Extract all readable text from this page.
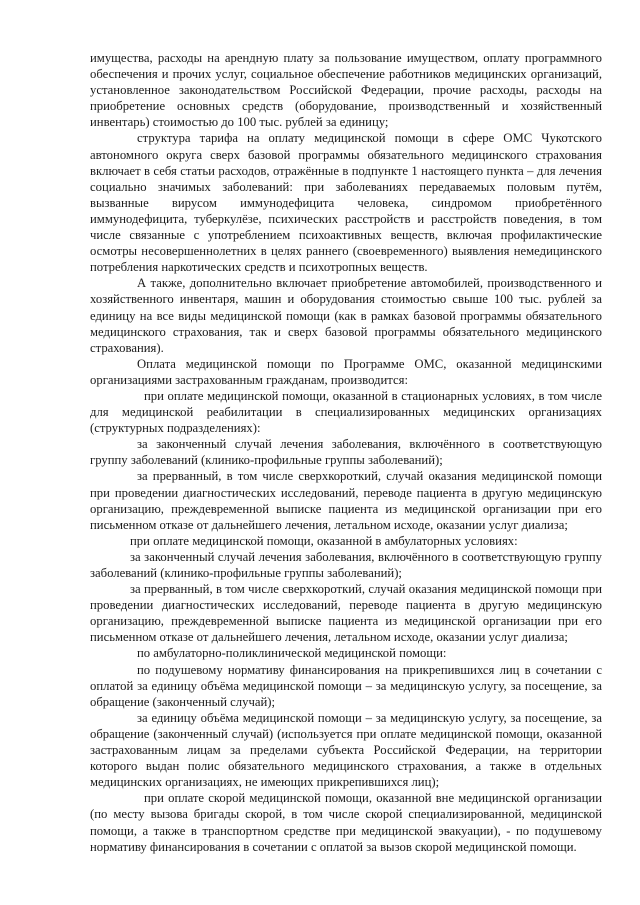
имущества, расходы на арендную плату за пользование имуществом, оплату программного обеспечения и прочих услуг, социальное обеспечение работников медицинских организаций, установленное законодательством Российской Федерации, прочие расходы, расходы на приобретение основных средств (оборудование, производственный и хозяйственный инвентарь) стоимостью до 100 тыс. рублей за единицу;

структура тарифа на оплату медицинской помощи в сфере ОМС Чукотского автономного округа сверх базовой программы обязательного медицинского страхования включает в себя статьи расходов, отражённые в подпункте 1 настоящего пункта – для лечения социально значимых заболеваний: при заболеваниях передаваемых половым путём, вызванные вирусом иммунодефицита человека, синдромом приобретённого иммунодефицита, туберкулёзе, психических расстройств и расстройств поведения, в том числе связанные с употреблением психоактивных веществ, включая профилактические осмотры несовершеннолетних в целях раннего (своевременного) выявления немедицинского потребления наркотических средств и психотропных веществ.

А также, дополнительно включает приобретение автомобилей, производственного и хозяйственного инвентаря, машин и оборудования стоимостью свыше 100 тыс. рублей за единицу на все виды медицинской помощи (как в рамках базовой программы обязательного медицинского страхования, так и сверх базовой программы обязательного медицинского страхования).

Оплата медицинской помощи по Программе ОМС, оказанной медицинскими организациями застрахованным гражданам, производится:

при оплате медицинской помощи, оказанной в стационарных условиях, в том числе для медицинской реабилитации в специализированных медицинских организациях (структурных подразделениях):

за законченный случай лечения заболевания, включённого в соответствующую группу заболеваний (клинико-профильные группы заболеваний);

за прерванный, в том числе сверхкороткий, случай оказания медицинской помощи при проведении диагностических исследований, переводе пациента в другую медицинскую организацию, преждевременной выписке пациента из медицинской организации при его письменном отказе от дальнейшего лечения, летальном исходе, оказании услуг диализа;

при оплате медицинской помощи, оказанной в амбулаторных условиях:

за законченный случай лечения заболевания, включённого в соответствующую группу заболеваний (клинико-профильные группы заболеваний);

за прерванный, в том числе сверхкороткий, случай оказания медицинской помощи при проведении диагностических исследований, переводе пациента в другую медицинскую организацию, преждевременной выписке пациента из медицинской организации при его письменном отказе от дальнейшего лечения, летальном исходе, оказании услуг диализа;

по амбулаторно-поликлинической медицинской помощи:

по подушевому нормативу финансирования на прикрепившихся лиц в сочетании с оплатой за единицу объёма медицинской помощи – за медицинскую услугу, за посещение, за обращение (законченный случай);

за единицу объёма медицинской помощи – за медицинскую услугу, за посещение, за обращение (законченный случай) (используется при оплате медицинской помощи, оказанной застрахованным лицам за пределами субъекта Российской Федерации, на территории которого выдан полис обязательного медицинского страхования, а также в отдельных медицинских организациях, не имеющих прикрепившихся лиц);

при оплате скорой медицинской помощи, оказанной вне медицинской организации (по месту вызова бригады скорой, в том числе скорой специализированной, медицинской помощи, а также в транспортном средстве при медицинской эвакуации), - по подушевому нормативу финансирования в сочетании с оплатой за вызов скорой медицинской помощи.
